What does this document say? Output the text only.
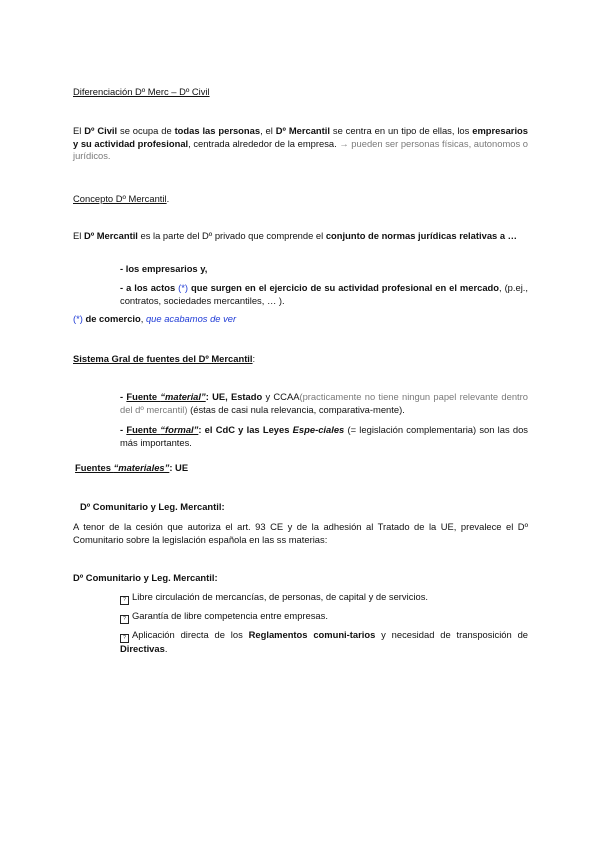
Diferenciación Dº Merc – Dº Civil
El Dº Civil se ocupa de todas las personas, el Dº Mercantil se centra en un tipo de ellas, los empresarios y su actividad profesional, centrada alrededor de la empresa. → pueden ser personas físicas, autonomos o jurídicos.
Concepto Dº Mercantil.
El Dº Mercantil es la parte del Dº privado que comprende el conjunto de normas jurídicas relativas a …
- los empresarios y,
- a los actos (*) que surgen en el ejercicio de su actividad profesional en el mercado, (p.ej., contratos, sociedades mercantiles, … ).
(*) de comercio, que acabamos de ver
Sistema Gral de fuentes del Dº Mercantil:
- Fuente “material”: UE, Estado y CCAA(practicamente no tiene ningun papel relevante dentro del dº mercantil) (éstas de casi nula relevancia, comparativa-mente).
- Fuente “formal”: el CdC y las Leyes Espe-ciales (= legislación complementaria) son las dos más importantes.
Fuentes “materiales”: UE
Dº Comunitario y Leg. Mercantil:
A tenor de la cesión que autoriza el art. 93 CE y de la adhesión al Tratado de la UE, prevalece el Dº Comunitario sobre la legislación española en las ss materias:
Dº Comunitario y Leg. Mercantil:
?Libre circulación de mercancías, de personas, de capital y de servicios.
?Garantía de libre competencia entre empresas.
?Aplicación directa de los Reglamentos comuni-tarios y necesidad de transposición de Directivas.
